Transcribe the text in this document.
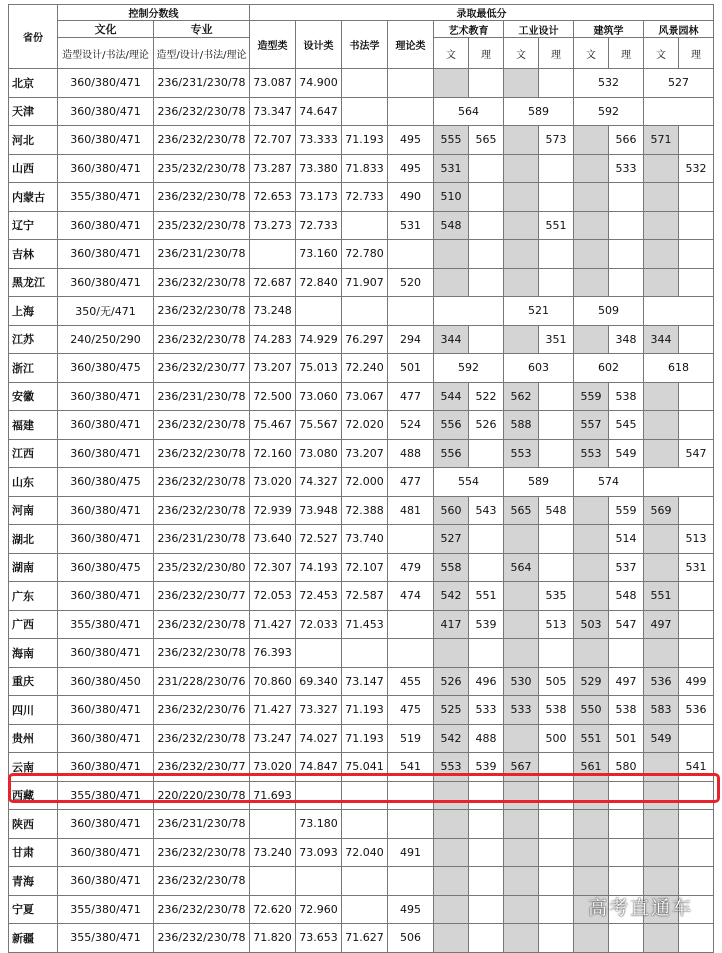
省份	控制分数线		录取最低分											
	文化	专业	造型类	设计类	书法学	理论类	艺术教育		工业设计		建筑学		风景园林	
	造型设计/书法/理论	造型/设计/书法/理论					文	理	文	理	文	理	文	理
北京	360/380/471	236/231/230/78	73.087	74.900							532		527	
天津	360/380/471	236/232/230/78	73.347	74.647			564		589		592			
河北	360/380/471	236/232/230/78	72.707	73.333	71.193	495	555	565		573		566	571	
山西	360/380/471	235/232/230/78	73.287	73.380	71.833	495	531					533		532
内蒙古	355/380/471	236/232/230/78	72.653	73.173	72.733	490	510							
辽宁	360/380/471	235/232/230/78	73.273	72.733		531	548			551				
吉林	360/380/471	236/231/230/78		73.160	72.780									
黑龙江	360/380/471	236/232/230/78	72.687	72.840	71.907	520								
上海	350/无/471	236/232/230/78	73.248						521		509			
江苏	240/250/290	236/232/230/78	74.283	74.929	76.297	294	344			351		348	344	
浙江	360/380/475	236/232/230/77	73.207	75.013	72.240	501	592		603		602		618	
安徽	360/380/471	236/231/230/78	72.500	73.060	73.067	477	544	522	562		559	538		
福建	360/380/471	236/232/230/78	75.467	75.567	72.020	524	556	526	588		557	545		
江西	360/380/471	236/232/230/78	72.160	73.080	73.207	488	556		553		553	549		547
山东	360/380/475	236/232/230/78	73.020	74.327	72.000	477	554		589		574			
河南	360/380/471	236/232/230/78	72.939	73.948	72.388	481	560	543	565	548		559	569	
湖北	360/380/471	236/231/230/78	73.640	72.527	73.740		527					514		513
湖南	360/380/475	235/232/230/80	72.307	74.193	72.107	479	558		564			537		531
广东	360/380/471	236/232/230/77	72.053	72.453	72.587	474	542	551		535		548	551	
广西	355/380/471	236/232/230/78	71.427	72.033	71.453		417	539		513	503	547	497	
海南	360/380/471	236/232/230/78	76.393											
重庆	360/380/450	231/228/230/76	70.860	69.340	73.147	455	526	496	530	505	529	497	536	499
四川	360/380/471	236/232/230/76	71.427	73.327	71.193	475	525	533	533	538	550	538	583	536
贵州	360/380/471	236/232/230/78	73.247	74.027	71.193	519	542	488		500	551	501	549	
云南	360/380/471	236/232/230/77	73.020	74.847	75.041	541	553	539	567		561	580		541
西藏	355/380/471	220/220/230/78	71.693											
陕西	360/380/471	236/231/230/78		73.180										
甘肃	360/380/471	236/232/230/78	73.240	73.093	72.040	491								
青海	360/380/471	236/232/230/78												
宁夏	355/380/471	236/232/230/78	72.620	72.960		495								
新疆	355/380/471	236/232/230/78	71.820	73.653	71.627	506								
高考直通车
